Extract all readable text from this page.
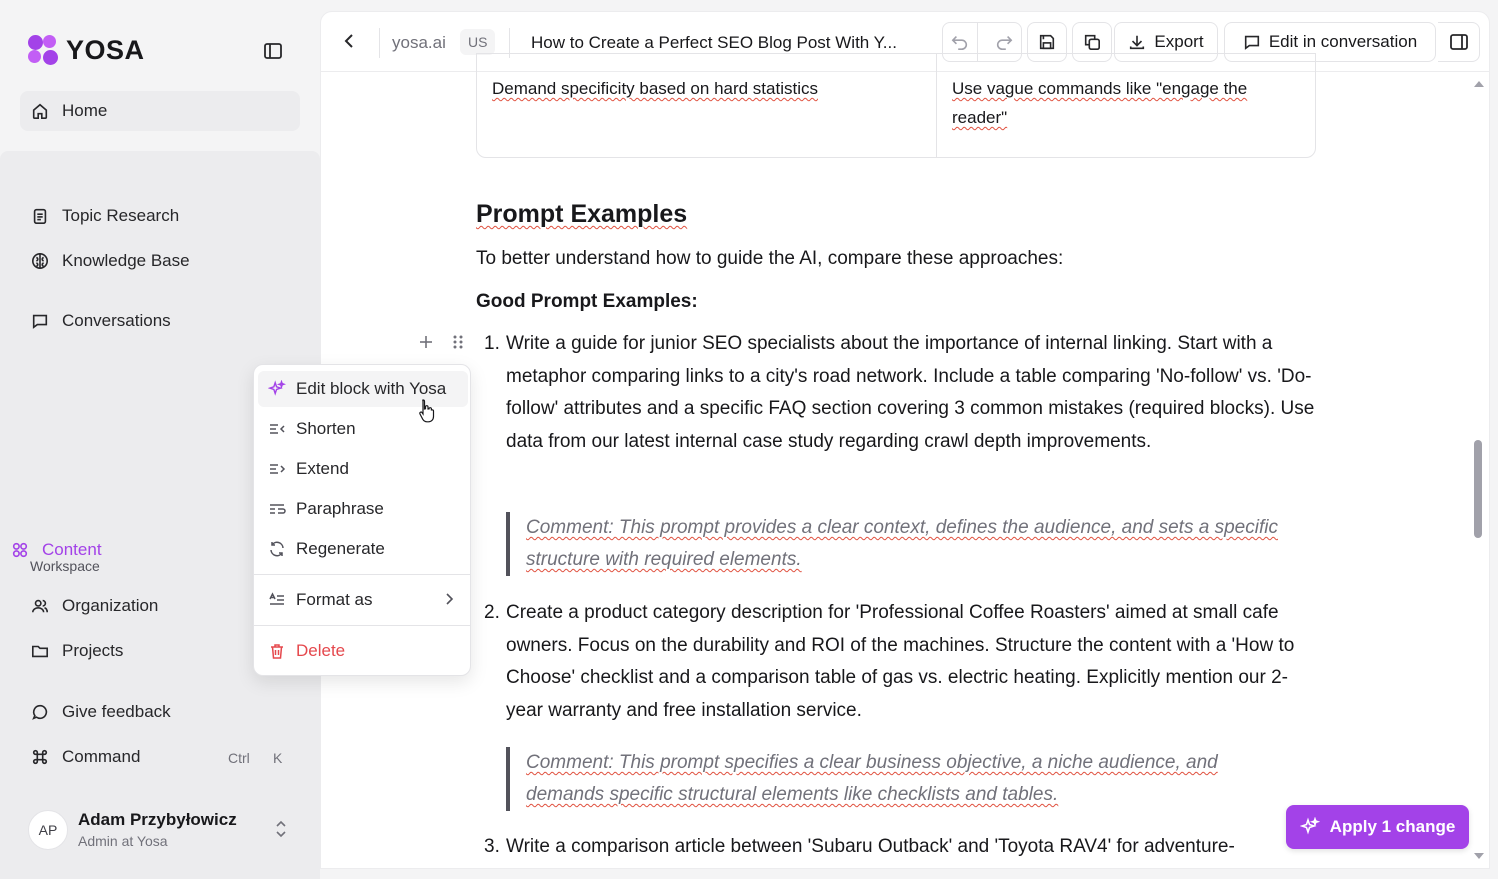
YOSA
Home
Content
Topic Research
Knowledge Base
Conversations
Workspace
Organization
Projects
Give feedback
Command	Ctrl K
AP
Adam Przybyłowicz
Admin at Yosa
yosa.ai	US	How to Create a Perfect SEO Blog Post With Y...	Export	Edit in conversation
Demand specificity based on hard statistics	Use vague commands like "engage the reader"
Prompt Examples
To better understand how to guide the AI, compare these approaches:
Good Prompt Examples:
1. Write a guide for junior SEO specialists about the importance of internal linking. Start with a metaphor comparing links to a city's road network. Include a table comparing 'No-follow' vs. 'Do-follow' attributes and a specific FAQ section covering 3 common mistakes (required blocks). Use data from our latest internal case study regarding crawl depth improvements.
Comment: This prompt provides a clear context, defines the audience, and sets a specific structure with required elements.
2. Create a product category description for 'Professional Coffee Roasters' aimed at small cafe owners. Focus on the durability and ROI of the machines. Structure the content with a 'How to Choose' checklist and a comparison table of gas vs. electric heating. Explicitly mention our 2-year warranty and free installation service.
Comment: This prompt specifies a clear business objective, a niche audience, and demands specific structural elements like checklists and tables.
3. Write a comparison article between 'Subaru Outback' and 'Toyota RAV4' for adventure-
Apply 1 change
Edit block with Yosa
Shorten
Extend
Paraphrase
Regenerate
Format as
Delete
